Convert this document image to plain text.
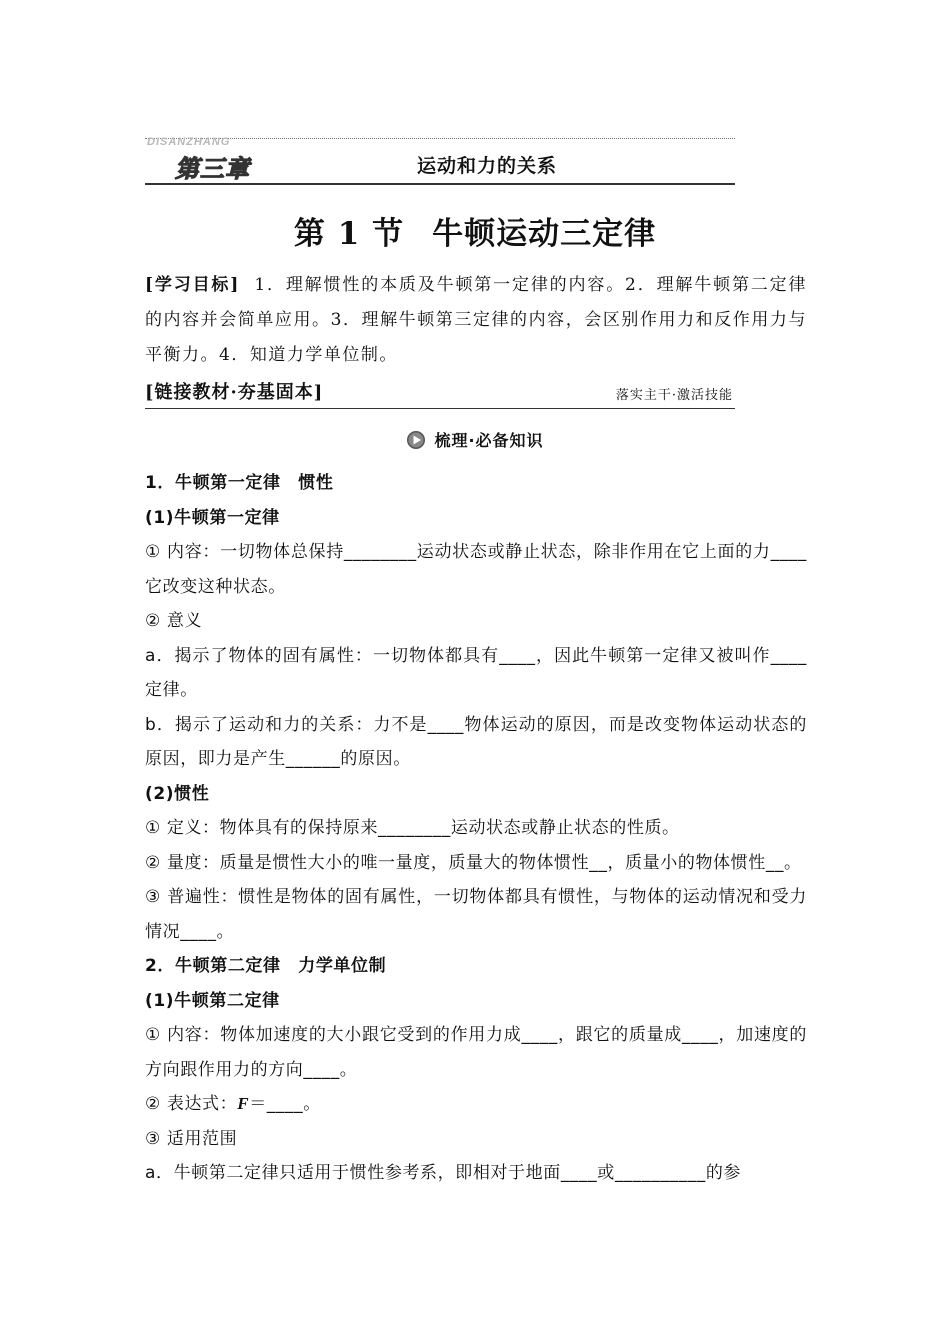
DISANZHANG
第三章	运动和力的关系
第 1 节 牛顿运动三定律
[学习目标] 1．理解惯性的本质及牛顿第一定律的内容。2．理解牛顿第二定律的内容并会简单应用。3．理解牛顿第三定律的内容，会区别作用力和反作用力与平衡力。4．知道力学单位制。
[链接教材·夯基固本]	落实主干·激活技能
梳理·必备知识

1．牛顿第一定律　惯性

(1)牛顿第一定律

① 内容：一切物体总保持________运动状态或静止状态，除非作用在它上面的力____它改变这种状态。

② 意义

a．揭示了物体的固有属性：一切物体都具有____，因此牛顿第一定律又被叫作____定律。

b．揭示了运动和力的关系：力不是____物体运动的原因，而是改变物体运动状态的原因，即力是产生______的原因。

(2)惯性

① 定义：物体具有的保持原来________运动状态或静止状态的性质。

② 量度：质量是惯性大小的唯一量度，质量大的物体惯性__，质量小的物体惯性__。

③ 普遍性：惯性是物体的固有属性，一切物体都具有惯性，与物体的运动情况和受力情况____。

2．牛顿第二定律　力学单位制

(1)牛顿第二定律

① 内容：物体加速度的大小跟它受到的作用力成____，跟它的质量成____，加速度的方向跟作用力的方向____。

② 表达式：F＝____。

③ 适用范围

a．牛顿第二定律只适用于惯性参考系，即相对于地面____或__________的参
